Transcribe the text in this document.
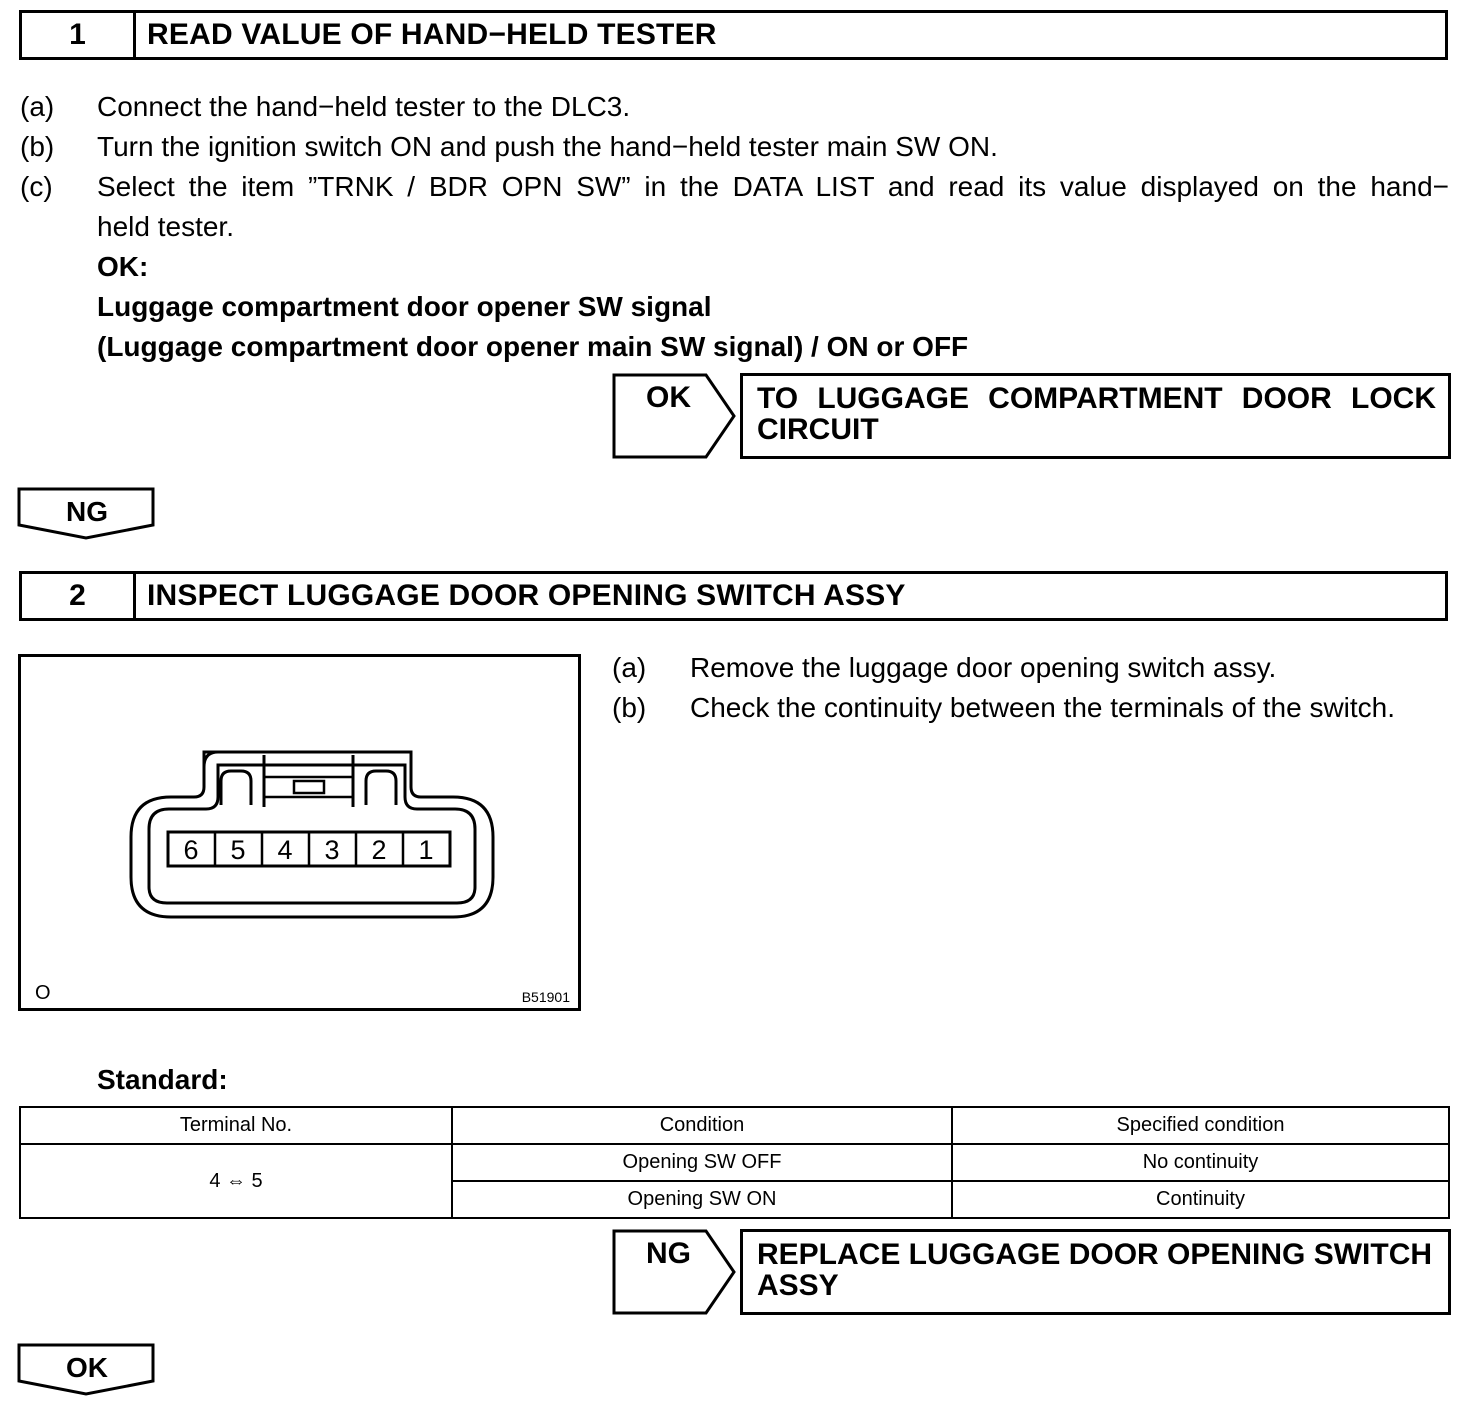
1	READ VALUE OF HAND−HELD TESTER
(a) Connect the hand−held tester to the DLC3.
(b) Turn the ignition switch ON and push the hand−held tester main SW ON.
(c) Select the item ”TRNK / BDR OPN SW” in the DATA LIST and read its value displayed on the hand−
held tester.
OK:
Luggage compartment door opener SW signal
(Luggage compartment door opener main SW signal) / ON or OFF
OK TO LUGGAGE COMPARTMENT DOOR LOCK
CIRCUIT
NG
2	INSPECT LUGGAGE DOOR OPENING SWITCH ASSY
6 5 4 3 2 1
O	B51901
(a) Remove the luggage door opening switch assy.
(b) Check the continuity between the terminals of the switch.
Standard:
Terminal No.	Condition	Specified condition
4 ⇔ 5	Opening SW OFF	No continuity
	Opening SW ON	Continuity
NG REPLACE LUGGAGE DOOR OPENING SWITCH
ASSY
OK
